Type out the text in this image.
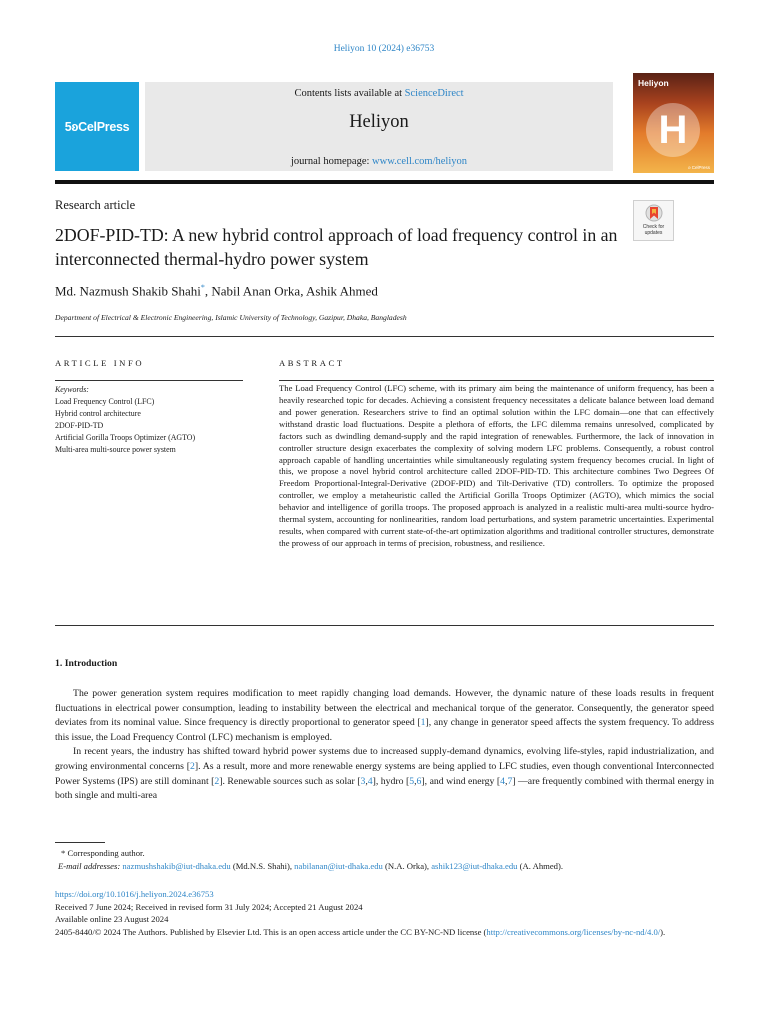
Heliyon 10 (2024) e36753
5ʚCelPress
Contents lists available at ScienceDirect
Heliyon
journal homepage: www.cell.com/heliyon
Heliyon
H
ʚ CelPress
Research article
Check for updates
2DOF-PID-TD: A new hybrid control approach of load frequency control in an interconnected thermal-hydro power system
Md. Nazmush Shakib Shahi*, Nabil Anan Orka, Ashik Ahmed
Department of Electrical & Electronic Engineering, Islamic University of Technology, Gazipur, Dhaka, Bangladesh
ARTICLE INFO	ABSTRACT
Keywords:
Load Frequency Control (LFC)
Hybrid control architecture
2DOF-PID-TD
Artificial Gorilla Troops Optimizer (AGTO)
Multi-area multi-source power system

The Load Frequency Control (LFC) scheme, with its primary aim being the maintenance of uniform frequency, has been a heavily researched topic for decades. Achieving a consistent frequency necessitates a delicate balance between load demand and power generation. Researchers strive to find an optimal solution within the LFC domain—one that can effectively withstand drastic load fluctuations. Despite a plethora of efforts, the LFC dilemma remains unresolved, complicated by factors such as dwindling demand-supply and the rapid integration of renewables. Furthermore, the lack of innovation in controller structure design exacerbates the complexity of solving modern LFC problems. Consequently, a robust control approach capable of handling uncertainties while simultaneously regulating system frequency becomes crucial. In light of this, we propose a novel hybrid control architecture called 2DOF-PID-TD. This architecture combines Two Degrees Of Freedom Proportional-Integral-Derivative (2DOF-PID) and Tilt-Derivative (TD) controllers. To optimize the proposed controller, we employ a metaheuristic called the Artificial Gorilla Troops Optimizer (AGTO), which mimics the social behavior and intelligence of gorilla troops. The proposed approach is analyzed in a realistic multi-area multi-source hydro-thermal system, accounting for nonlinearities, random load perturbations, and system parametric uncertainties. Experimental results, when compared with current state-of-the-art optimization algorithms and traditional controller structures, demonstrate the prowess of our approach in terms of precision, robustness, and resilience.

1. Introduction

The power generation system requires modification to meet rapidly changing load demands. However, the dynamic nature of these loads results in frequent fluctuations in electrical power consumption, leading to instability between the electrical and mechanical torque of the generator. Consequently, the generator speed deviates from its nominal value. Since frequency is directly proportional to generator speed [1], any change in generator speed affects the system frequency. To address this issue, the Load Frequency Control (LFC) mechanism is employed.

In recent years, the industry has shifted toward hybrid power systems due to increased supply-demand dynamics, evolving life-styles, rapid industrialization, and growing environmental concerns [2]. As a result, more and more renewable energy systems are being applied to LFC studies, even though conventional Interconnected Power Systems (IPS) are still dominant [2]. Renewable sources such as solar [3,4], hydro [5,6], and wind energy [4,7] —are frequently combined with thermal energy in both single and multi-area

* Corresponding author.
E-mail addresses: nazmushshakib@iut-dhaka.edu (Md.N.S. Shahi), nabilanan@iut-dhaka.edu (N.A. Orka), ashik123@iut-dhaka.edu (A. Ahmed).
https://doi.org/10.1016/j.heliyon.2024.e36753
Received 7 June 2024; Received in revised form 31 July 2024; Accepted 21 August 2024
Available online 23 August 2024
2405-8440/© 2024 The Authors. Published by Elsevier Ltd. This is an open access article under the CC BY-NC-ND license (http://creativecommons.org/licenses/by-nc-nd/4.0/).
